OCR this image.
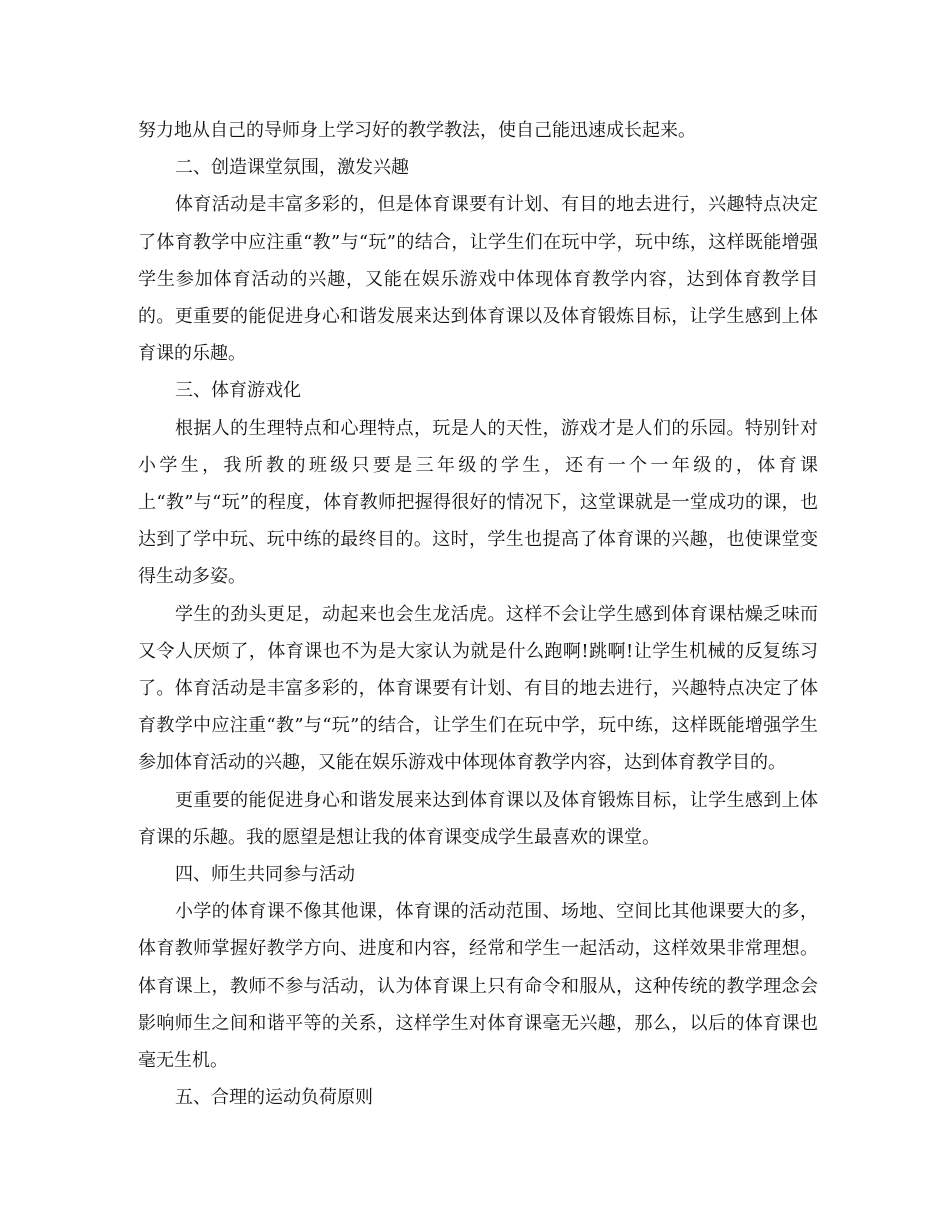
努力地从自己的导师身上学习好的教学教法，使自己能迅速成长起来。

二、创造课堂氛围，激发兴趣

体育活动是丰富多彩的，但是体育课要有计划、有目的地去进行，兴趣特点决定了体育教学中应注重“教”与“玩”的结合，让学生们在玩中学，玩中练，这样既能增强学生参加体育活动的兴趣，又能在娱乐游戏中体现体育教学内容，达到体育教学目的。更重要的能促进身心和谐发展来达到体育课以及体育锻炼目标，让学生感到上体育课的乐趣。

三、体育游戏化

根据人的生理特点和心理特点，玩是人的天性，游戏才是人们的乐园。特别针对小学生，我所教的班级只要是三年级的学生，还有一个一年级的，体育课上“教”与“玩”的程度，体育教师把握得很好的情况下，这堂课就是一堂成功的课，也达到了学中玩、玩中练的最终目的。这时，学生也提高了体育课的兴趣，也使课堂变得生动多姿。

学生的劲头更足，动起来也会生龙活虎。这样不会让学生感到体育课枯燥乏味而又令人厌烦了，体育课也不为是大家认为就是什么跑啊!跳啊!让学生机械的反复练习了。体育活动是丰富多彩的，体育课要有计划、有目的地去进行，兴趣特点决定了体育教学中应注重“教”与“玩”的结合，让学生们在玩中学，玩中练，这样既能增强学生参加体育活动的兴趣，又能在娱乐游戏中体现体育教学内容，达到体育教学目的。

更重要的能促进身心和谐发展来达到体育课以及体育锻炼目标，让学生感到上体育课的乐趣。我的愿望是想让我的体育课变成学生最喜欢的课堂。

四、师生共同参与活动

小学的体育课不像其他课，体育课的活动范围、场地、空间比其他课要大的多，体育教师掌握好教学方向、进度和内容，经常和学生一起活动，这样效果非常理想。体育课上，教师不参与活动，认为体育课上只有命令和服从，这种传统的教学理念会影响师生之间和谐平等的关系，这样学生对体育课毫无兴趣，那么，以后的体育课也毫无生机。

五、合理的运动负荷原则
